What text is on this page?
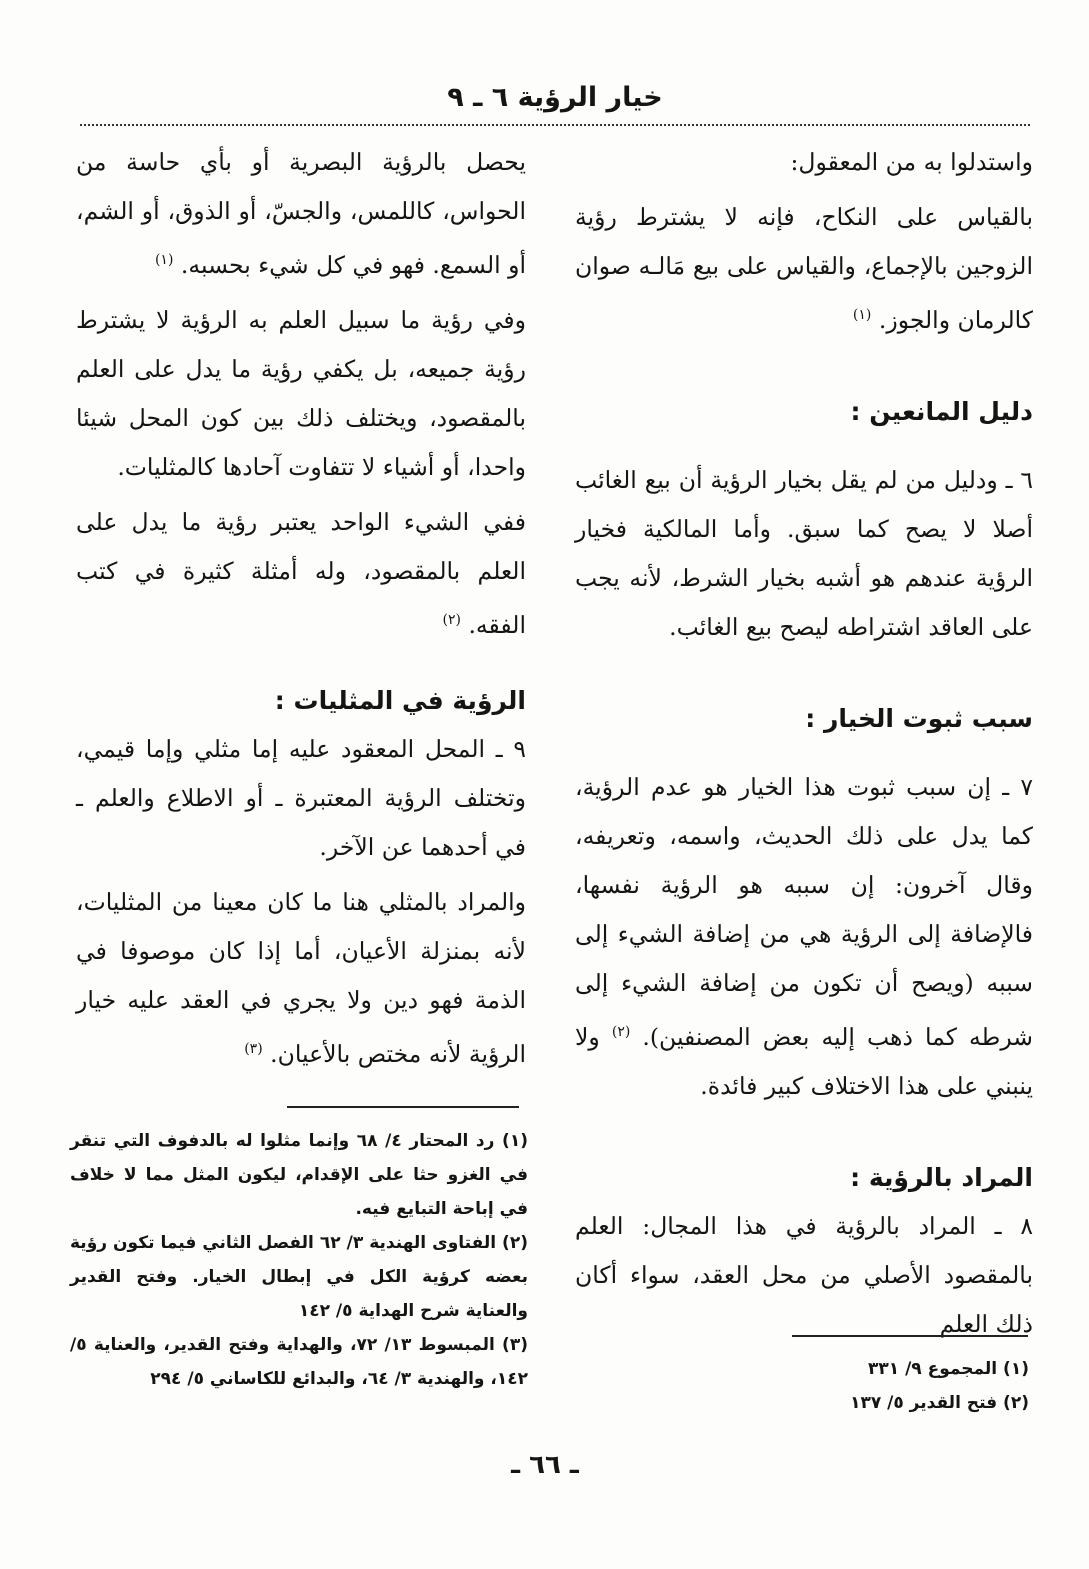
خيار الرؤية ٦ ـ ٩

واستدلوا به من المعقول:

بالقياس على النكاح، فإنه لا يشترط رؤية الزوجين بالإجماع، والقياس على بيع مَالـه صوان كالرمان والجوز. $^{(١)}$

دليل المانعين :

٦ ـ ودليل من لم يقل بخيار الرؤية أن بيع الغائب أصلا لا يصح كما سبق. وأما المالكية فخيار الرؤية عندهم هو أشبه بخيار الشرط، لأنه يجب على العاقد اشتراطه ليصح بيع الغائب.

سبب ثبوت الخيار :

٧ ـ إن سبب ثبوت هذا الخيار هو عدم الرؤية، كما يدل على ذلك الحديث، واسمه، وتعريفه، وقال آخرون: إن سببه هو الرؤية نفسها، فالإضافة إلى الرؤية هي من إضافة الشيء إلى سببه (ويصح أن تكون من إضافة الشيء إلى شرطه كما ذهب إليه بعض المصنفين). $^{(٢)}$ ولا ينبني على هذا الاختلاف كبير فائدة.

المراد بالرؤية :

٨ ـ المراد بالرؤية في هذا المجال: العلم بالمقصود الأصلي من محل العقد، سواء أكان ذلك العلم

يحصل بالرؤية البصرية أو بأي حاسة من الحواس، كاللمس، والجسّ، أو الذوق، أو الشم، أو السمع. فهو في كل شيء بحسبه. $^{(١)}$

وفي رؤية ما سبيل العلم به الرؤية لا يشترط رؤية جميعه، بل يكفي رؤية ما يدل على العلم بالمقصود، ويختلف ذلك بين كون المحل شيئا واحدا، أو أشياء لا تتفاوت آحادها كالمثليات.

ففي الشيء الواحد يعتبر رؤية ما يدل على العلم بالمقصود، وله أمثلة كثيرة في كتب الفقه. $^{(٢)}$

الرؤية في المثليات :

٩ ـ المحل المعقود عليه إما مثلي وإما قيمي، وتختلف الرؤية المعتبرة ـ أو الاطلاع والعلم ـ في أحدهما عن الآخر.

والمراد بالمثلي هنا ما كان معينا من المثليات، لأنه بمنزلة الأعيان، أما إذا كان موصوفا في الذمة فهو دين ولا يجري في العقد عليه خيار الرؤية لأنه مختص بالأعيان. $^{(٣)}$

(١) رد المحتار ٤/ ٦٨ وإنما مثلوا له بالدفوف التي تنقر في الغزو حثا على الإقدام، ليكون المثل مما لا خلاف في إباحة التبايع فيه.

(٢) الفتاوى الهندية ٣/ ٦٢ الفصل الثاني فيما تكون رؤية بعضه كرؤية الكل في إبطال الخيار. وفتح القدير والعناية شرح الهداية ٥/ ١٤٢

(٣) المبسوط ١٣/ ٧٢، والهداية وفتح القدير، والعناية ٥/ ١٤٢، والهندية ٣/ ٦٤، والبدائع للكاساني ٥/ ٢٩٤	(١) المجموع ٩/ ٣٣١

(٢) فتح القدير ٥/ ١٣٧

ـ ٦٦ ـ
